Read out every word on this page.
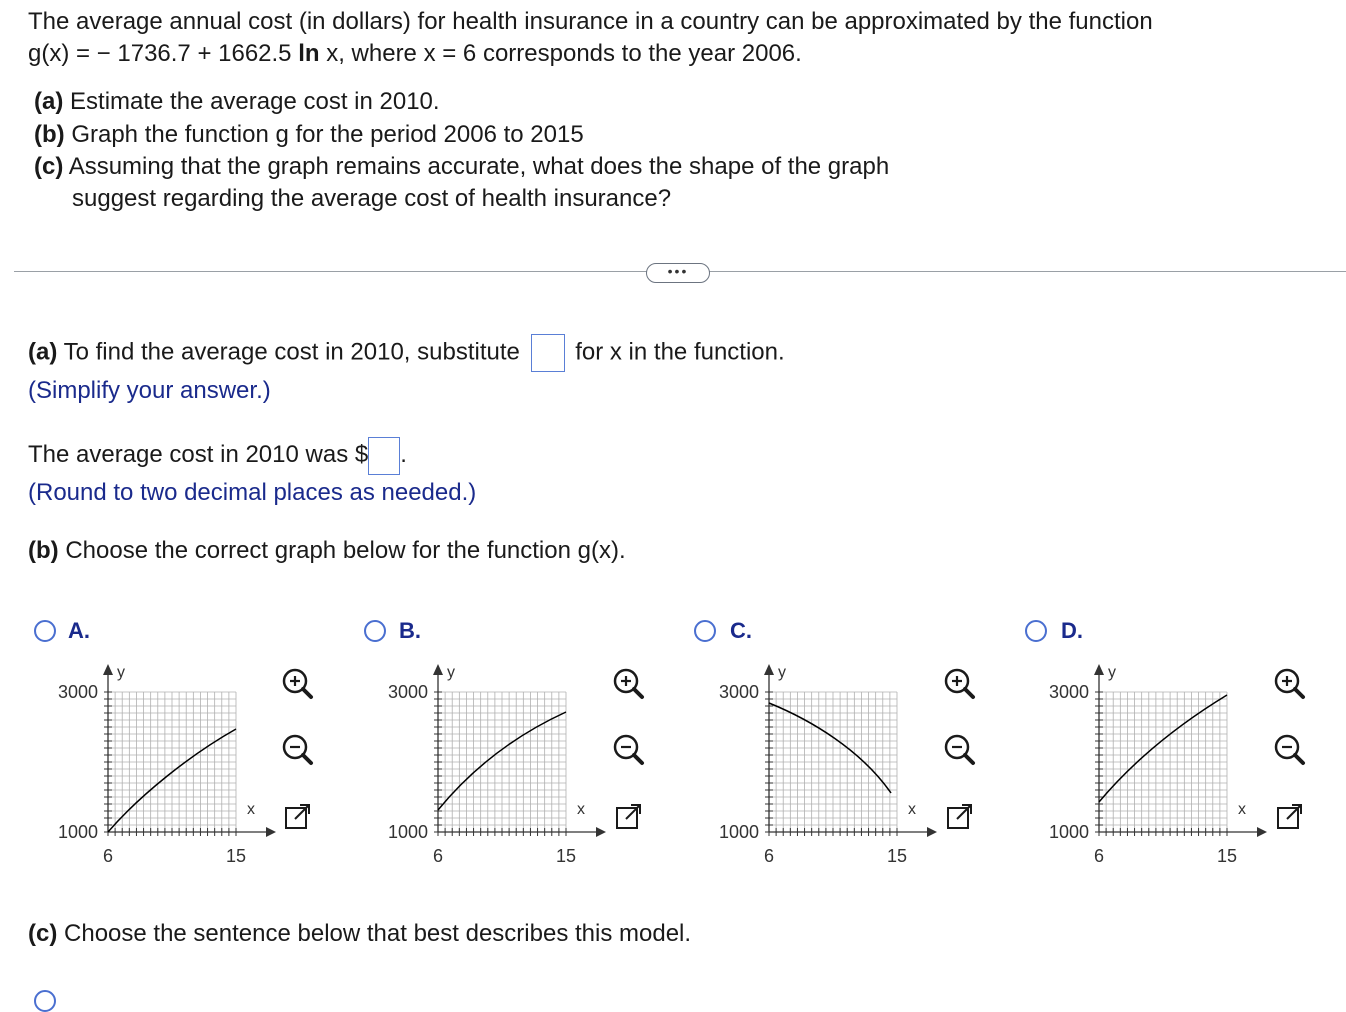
The average annual cost (in dollars) for health insurance in a country can be approximated by the function
g(x) = − 1736.7 + 1662.5 ln x, where x = 6 corresponds to the year 2006.
(a) Estimate the average cost in 2010.
(b) Graph the function g for the period 2006 to 2015
(c) Assuming that the graph remains accurate, what does the shape of the graph
suggest regarding the average cost of health insurance?
•••
(a) To find the average cost in 2010, substitute  for x in the function.
(Simplify your answer.)
The average cost in 2010 was $ .
(Round to two decimal places as needed.)
(b) Choose the correct graph below for the function g(x).
A.
y
x
3000
1000
6	15
B.
y
x
3000
1000
6	15
C.
y
x
3000
1000
6	15
D.
y
x
3000
1000
6	15
(c) Choose the sentence below that best describes this model.
